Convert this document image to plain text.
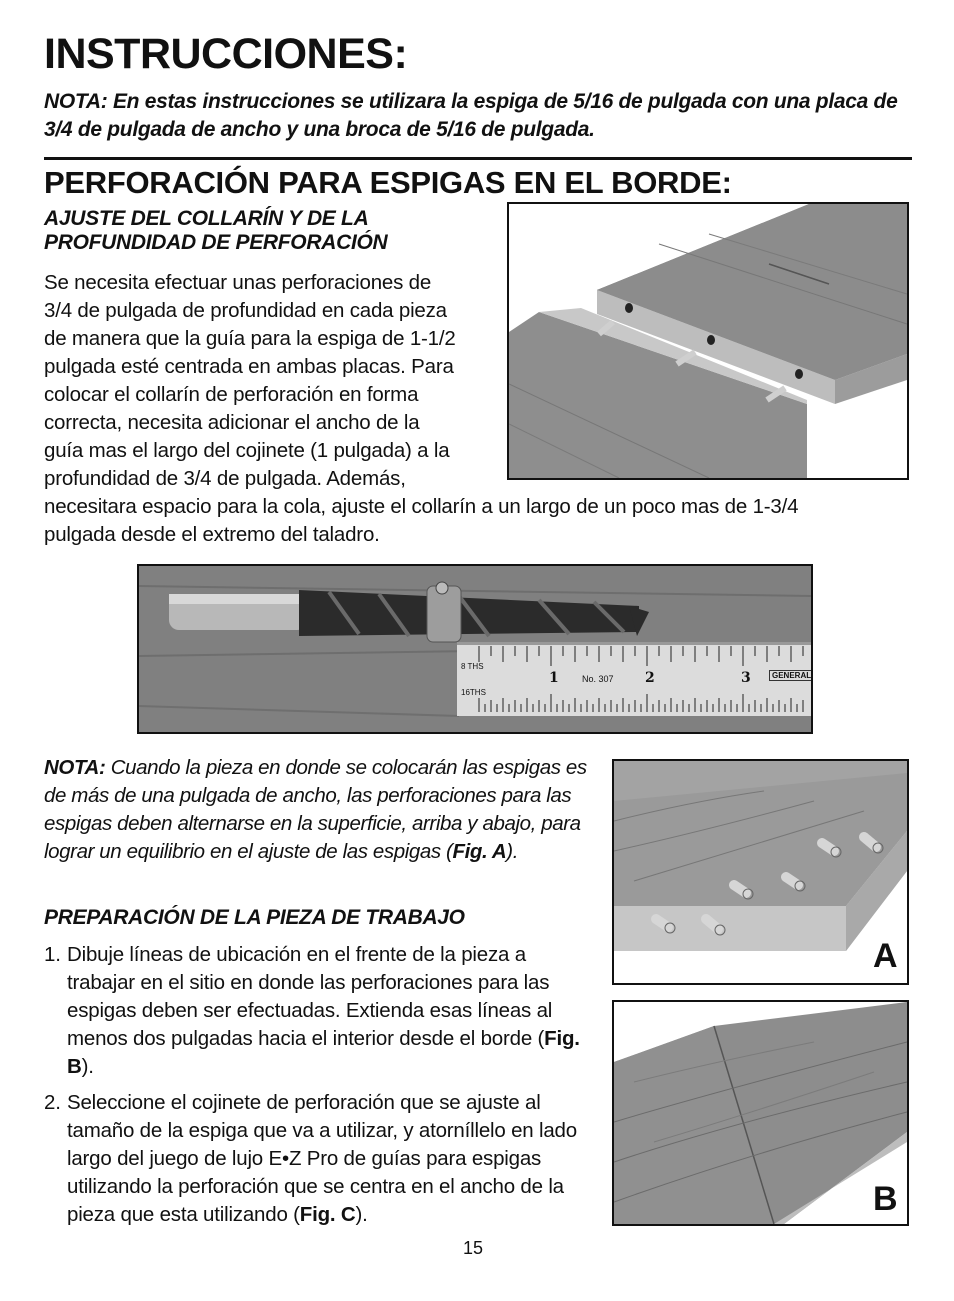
INSTRUCCIONES:
NOTA: En estas instrucciones se utilizara la espiga de 5/16 de pulgada con una placa de 3/4 de pulgada de ancho y una broca de 5/16 de pulgada.
PERFORACIÓN PARA ESPIGAS EN EL BORDE:
AJUSTE DEL COLLARÍN Y DE LA
PROFUNDIDAD DE PERFORACIÓN
Se necesita efectuar unas perforaciones de
3/4 de pulgada de profundidad en cada pieza
de manera que la guía para la espiga de 1-1/2
pulgada esté centrada en ambas placas. Para
colocar el collarín de perforación en forma
correcta, necesita adicionar el ancho de la
guía mas el largo del cojinete (1 pulgada) a la
profundidad de 3/4 de pulgada. Además,
necesitara espacio para la cola, ajuste el collarín a un largo de un poco mas de 1-3/4 pulgada desde el extremo del taladro.
8 THS
16THS
1	No. 307 2	3	GENERAL
NOTA: Cuando la pieza en donde se colocarán las espigas es de más de una pulgada de ancho, las perforaciones para las espigas deben alternarse en la superficie, arriba y abajo, para lograr un equilibrio en el ajuste de las espigas (Fig. A).
PREPARACIÓN DE LA PIEZA DE TRABAJO
1. Dibuje líneas de ubicación en el frente de la pieza a trabajar en el sitio en donde las perforaciones para las espigas deben ser efectuadas. Extienda esas líneas al menos dos pulgadas hacia el interior desde el borde (Fig. B).
2. Seleccione el cojinete de perforación que se ajuste al tamaño de la espiga que va a utilizar, y atorníllelo en lado largo del juego de lujo E•Z Pro de guías para espigas utilizando la perforación que se centra en el ancho de la pieza que esta utilizando (Fig. C).
A
B
15
